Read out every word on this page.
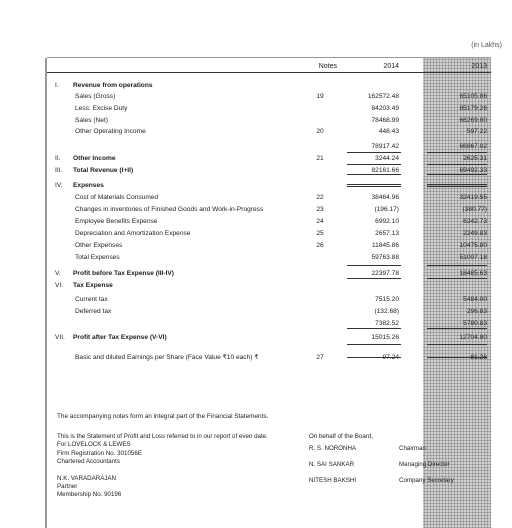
(in Lakhs)
Notes	2014	2013
I.	Revenue from operations
Sales (Gross)	19	162572.48	65105.86
Less: Excise Duty	84203.49	85179.26
Sales (Net)	78468.99	66269.80
Other Operating Income	20	448.43	597.22
78917.42	66867.02
II.	Other Income	21	3244.24	2625.31
III.	Total Revenue (I+II)	82161.66	69492.33
IV.	Expenses
Cost of Materials Consumed	22	38464.96	32419.55
Changes in inventories of Finished Goods and Work-in-Progress	23	(196.17)	(380.77)
Employee Benefits Expense	24	6992.10	6242.73
Depreciation and Amortization Expense	25	2657.13	2249.83
Other Expenses	26	11845.86	10475.80
Total Expenses	59763.88	51007.18
V.	Profit before Tax Expense (III-IV)	22397.78	18485.63
VI.	Tax Expense
Current tax	7515.20	5484.00
Deferred tax	(132.68)	296.83
7382.52	5780.83
VII.	Profit after Tax Expense (V-VI)	15015.26	12704.80
Basic and diluted Earnings per Share (Face Value ₹10 each) ₹	27	97.24	81.26
The accompanying notes form an integral part of the Financial Statements.
This is the Statement of Profit and Loss referred to in our report of even date.
For LOVELOCK & LEWES
Firm Registration No. 301056E
Chartered Accountants
N.K. VARADARAJAN
Partner
Membership No. 90196
On behalf of the Board,
R. S. NORONHA	Chairman
N. SAI SANKAR	Managing Director
NITESH BAKSHI	Company Secretary
